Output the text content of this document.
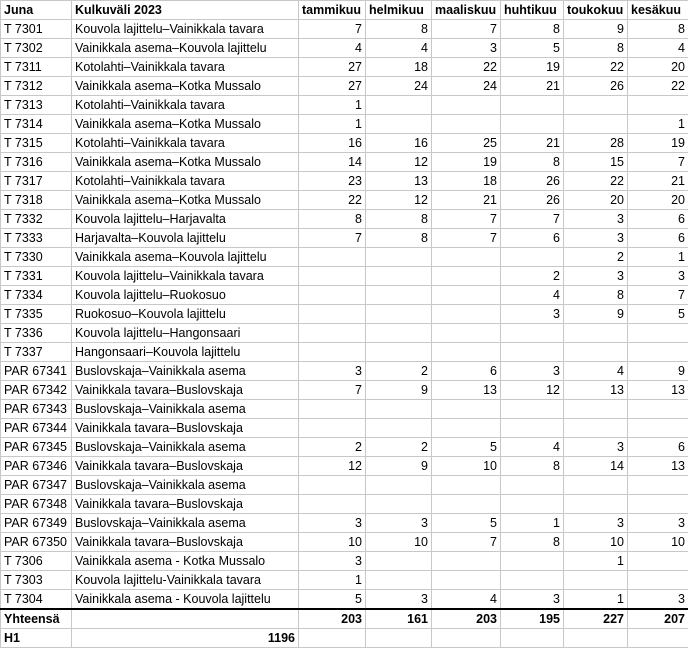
Juna	Kulkuväli 2023	tammikuu	helmikuu	maaliskuu	huhtikuu	toukokuu	kesäkuu
T 7301	Kouvola lajittelu–Vainikkala tavara	7	8	7	8	9	8
T 7302	Vainikkala asema–Kouvola lajittelu	4	4	3	5	8	4
T 7311	Kotolahti–Vainikkala tavara	27	18	22	19	22	20
T 7312	Vainikkala asema–Kotka Mussalo	27	24	24	21	26	22
T 7313	Kotolahti–Vainikkala tavara	1					
T 7314	Vainikkala asema–Kotka Mussalo	1					1
T 7315	Kotolahti–Vainikkala tavara	16	16	25	21	28	19
T 7316	Vainikkala asema–Kotka Mussalo	14	12	19	8	15	7
T 7317	Kotolahti–Vainikkala tavara	23	13	18	26	22	21
T 7318	Vainikkala asema–Kotka Mussalo	22	12	21	26	20	20
T 7332	Kouvola lajittelu–Harjavalta	8	8	7	7	3	6
T 7333	Harjavalta–Kouvola lajittelu	7	8	7	6	3	6
T 7330	Vainikkala asema–Kouvola lajittelu					2	1
T 7331	Kouvola lajittelu–Vainikkala tavara				2	3	3
T 7334	Kouvola lajittelu–Ruokosuo				4	8	7
T 7335	Ruokosuo–Kouvola lajittelu				3	9	5
T 7336	Kouvola lajittelu–Hangonsaari						
T 7337	Hangonsaari–Kouvola lajittelu						
PAR 67341	Buslovskaja–Vainikkala asema	3	2	6	3	4	9
PAR 67342	Vainikkala tavara–Buslovskaja	7	9	13	12	13	13
PAR 67343	Buslovskaja–Vainikkala asema						
PAR 67344	Vainikkala tavara–Buslovskaja						
PAR 67345	Buslovskaja–Vainikkala asema	2	2	5	4	3	6
PAR 67346	Vainikkala tavara–Buslovskaja	12	9	10	8	14	13
PAR 67347	Buslovskaja–Vainikkala asema						
PAR 67348	Vainikkala tavara–Buslovskaja						
PAR 67349	Buslovskaja–Vainikkala asema	3	3	5	1	3	3
PAR 67350	Vainikkala tavara–Buslovskaja	10	10	7	8	10	10
T 7306	Vainikkala asema - Kotka Mussalo	3				1	
T 7303	Kouvola lajittelu-Vainikkala tavara	1					
T 7304	Vainikkala asema - Kouvola lajittelu	5	3	4	3	1	3
Yhteensä		203	161	203	195	227	207
H1	1196						
